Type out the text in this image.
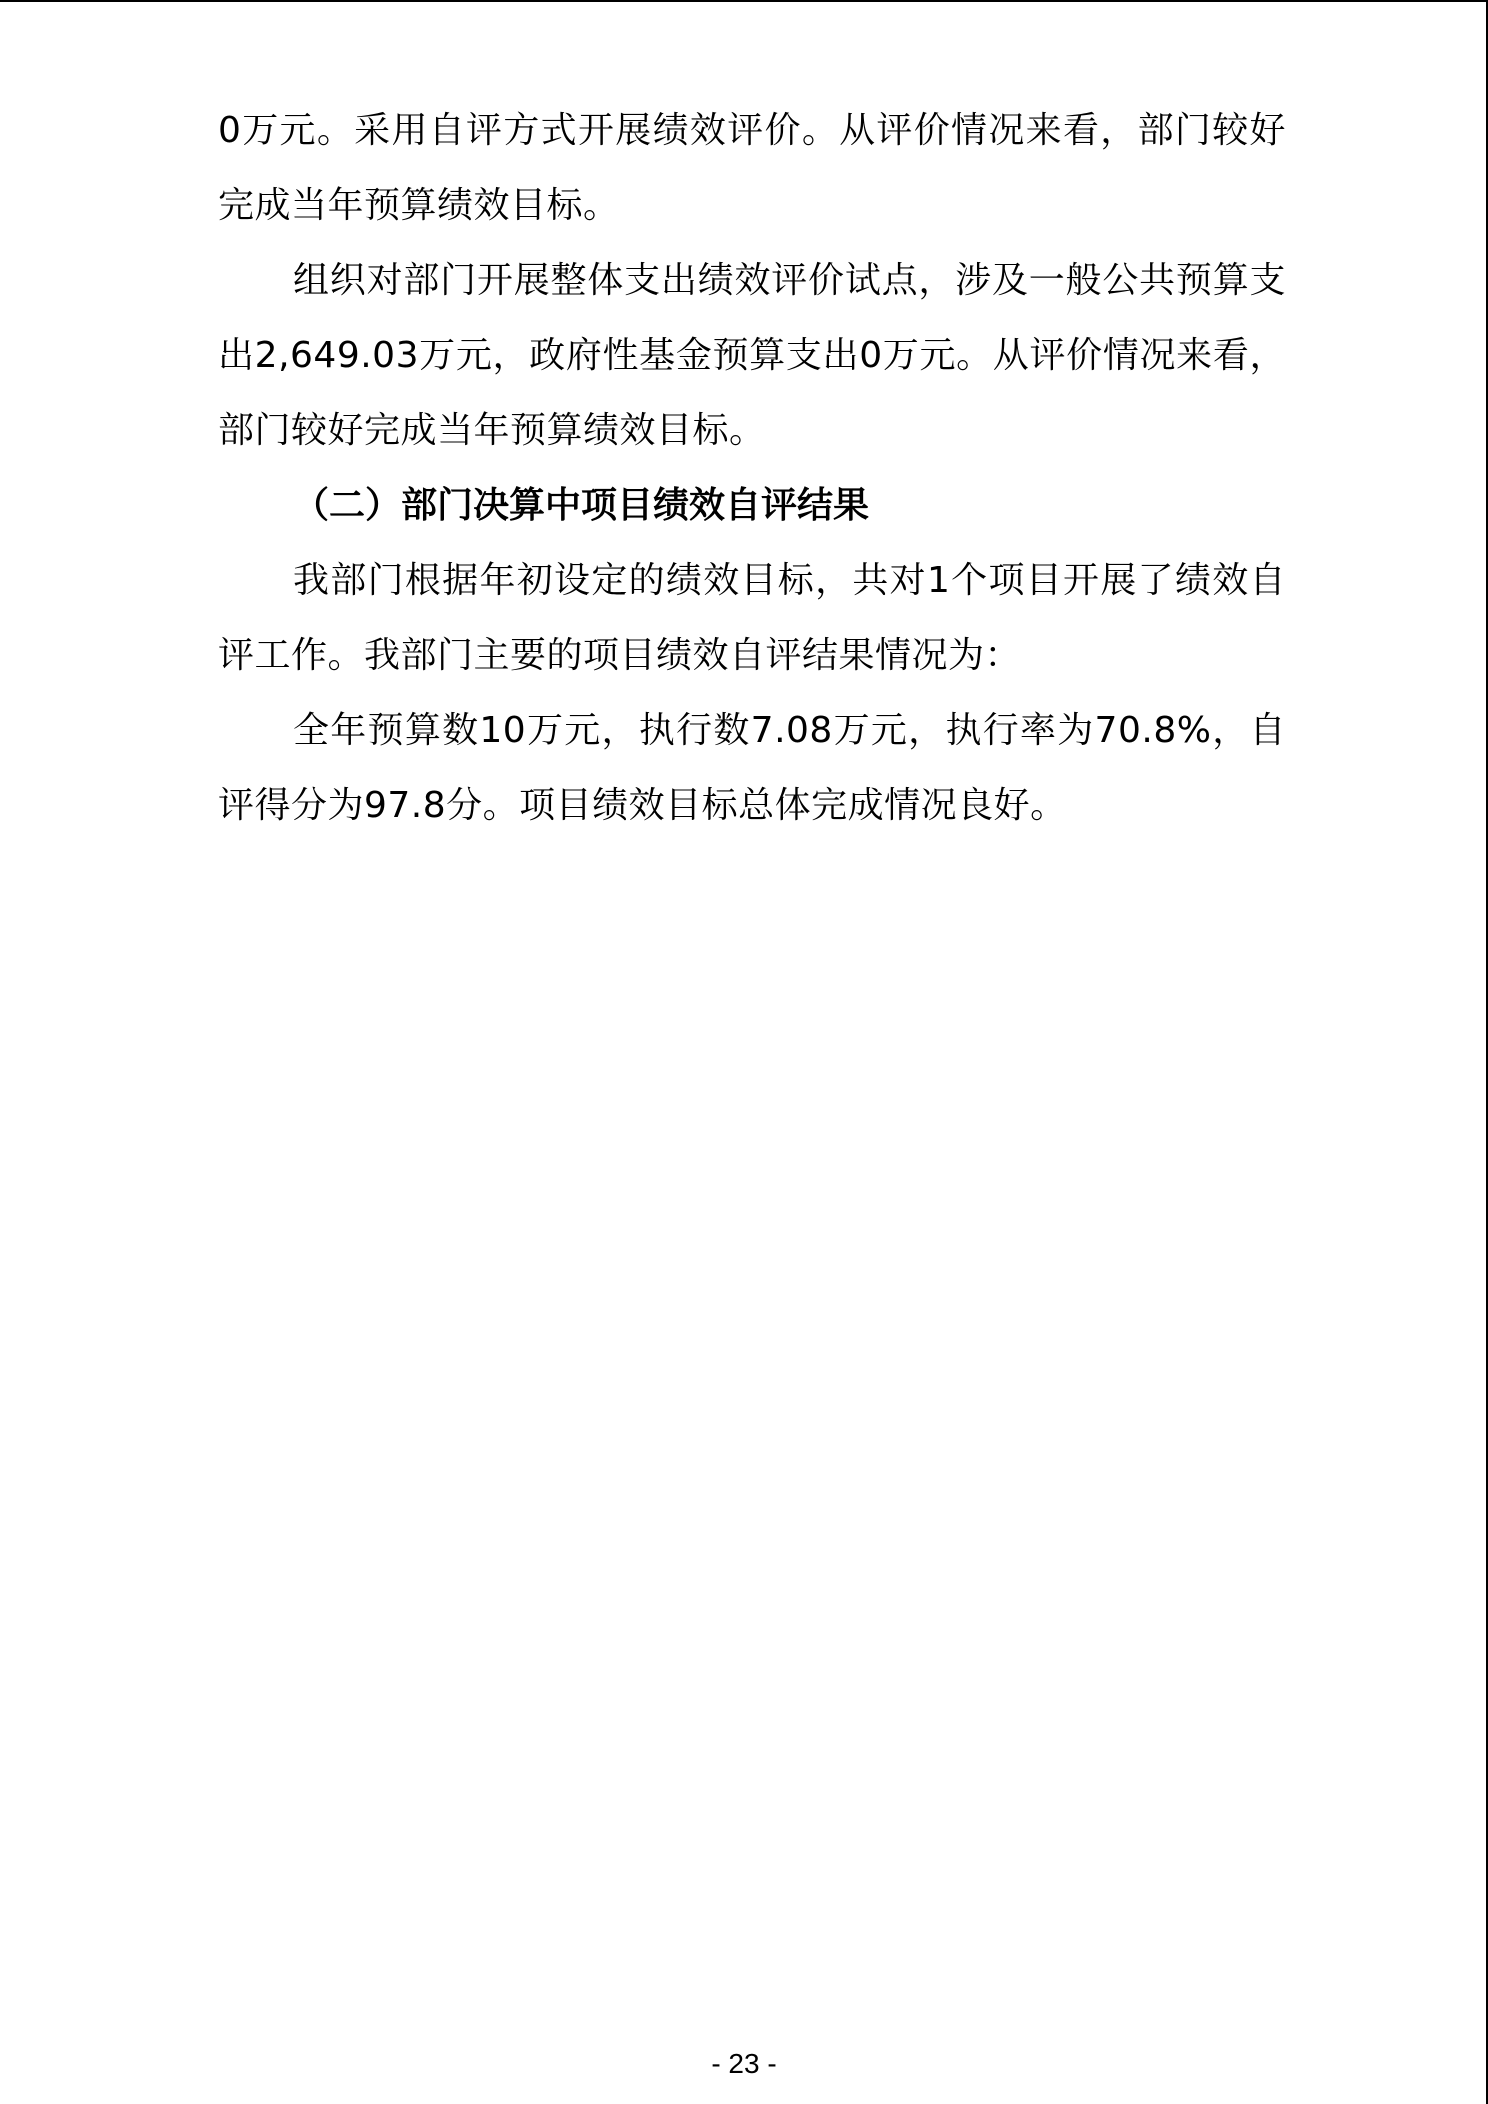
0万元。采用自评方式开展绩效评价。从评价情况来看，部门较好完成当年预算绩效目标。

组织对部门开展整体支出绩效评价试点，涉及一般公共预算支出2,649.03万元，政府性基金预算支出0万元。从评价情况来看，部门较好完成当年预算绩效目标。

（二）部门决算中项目绩效自评结果

我部门根据年初设定的绩效目标，共对1个项目开展了绩效自评工作。我部门主要的项目绩效自评结果情况为：

全年预算数10万元，执行数7.08万元，执行率为70.8%，自评得分为97.8分。项目绩效目标总体完成情况良好。

- 23 -
